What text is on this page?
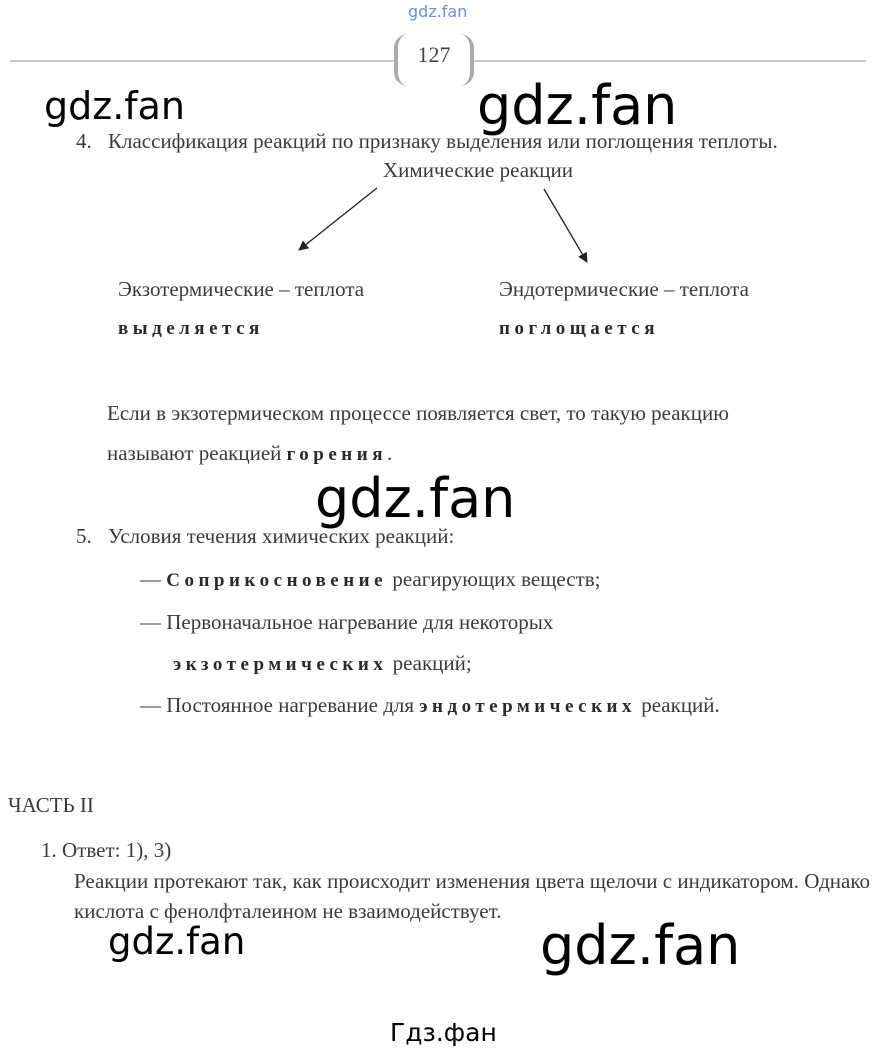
gdz.fan
127
gdz.fan	gdz.fan
gdz.fan
gdz.fan	gdz.fan
4. Классификация реакций по признаку выделения или поглощения теплоты.
Химические реакции
Экзотермические – теплота
выделяется
Эндотермические – теплота
поглощается
Если в экзотермическом процессе появляется свет, то такую реакцию
называют реакцией горения.
5. Условия течения химических реакций:
— Соприкосновение реагирующих веществ;
— Первоначальное нагревание для некоторых
экзотермических реакций;
— Постоянное нагревание для эндотермических реакций.
ЧАСТЬ II
1. Ответ: 1), 3)
Реакции протекают так, как происходит изменения цвета щелочи с индикатором. Однако кислота с фенолфталеином не взаимодействует.
Гдз.фан
